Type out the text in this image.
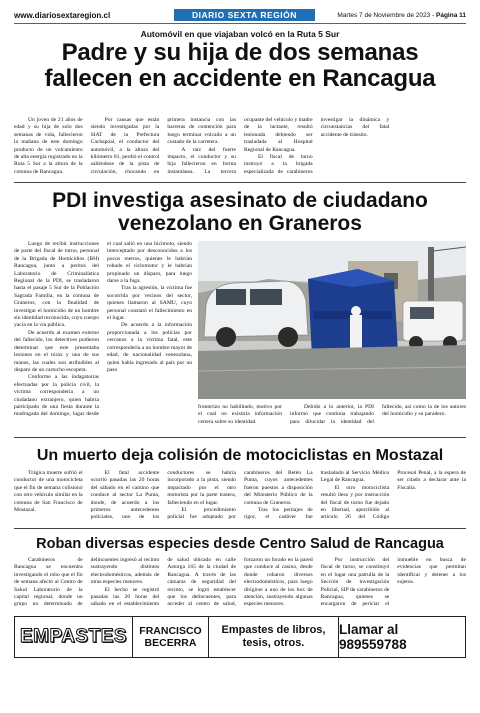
www.diariosextaregion.cl	DIARIO SEXTA REGIÓN	Martes 7 de Noviembre de 2023 - Página 11
Automóvil en que viajaban volcó en la Ruta 5 Sur
Padre y su hija de dos semanas
fallecen en accidente en Rancagua

Un joven de 21 años de edad y su hija de solo dos semanas de vida, fallecieron la mañana de este domingo producto de un volcamiento de alta energía registrado en la Ruta 5 Sur a la altura de la comuna de Rancagua.

Por causas que están siendo investigadas por la SIAT de la Prefectura Cachapoal, el conductor del automóvil, a la altura del kilómetro 81, perdió el control saliéndose de la pista de circulación, chocando en primera instancia con las barreras de contención para luego terminar volcado a un costado de la carretera.

A raíz del fuerte impacto, el conductor y su hija fallecieron en forma instantánea. La tercera ocupante del vehículo y madre de la lactante, resultó lesionada debiendo ser trasladada al Hospital Regional de Rancagua.

El fiscal de turno instruyó a la brigada especializada de carabineros investigar la dinámica y circunstancias del fatal accidente de tránsito.

PDI investiga asesinato de ciudadano
venezolano en Graneros

Luego de recibir instrucciones de parte del fiscal de turno, personal de la Brigada de Homicidios (BH) Rancagua, junto a peritos del Laboratorio de Criminalística Regional de la PDI, se trasladaron hasta el pasaje 5 Sur de la Población Sagrada Familia, en la comuna de Graneros, con la finalidad de investigar el homicidio de un hombre sin identidad reconocida, cuyo cuerpo yacía en la vía pública.

De acuerdo al examen externo del fallecido, los detectives pudieron determinar que este presentaba lesiones en el tórax y una de sus manos, las cuales son atribuibles al disparo de un cartucho escopeta.

Conforme a las indagatorias efectuadas por la policía civil, la víctima correspondería a un ciudadano extranjero, quien habría participado de una fiesta durante la madrugada del domingo, lugar desde el cual salió en una bicimoto, siendo interceptado por desconocidos a los pocos metros, quienes le habrían robado el ciclomotor y le habrían propinado un disparo, para luego darse a la fuga.

Tras la agresión, la víctima fue socorrida por vecinos del sector, quienes llamaron al SAMU, cuyo personal constató el fallecimiento en el lugar.

De acuerdo a la información proporcionada a los policías por cercanos a la víctima fatal, este correspondería a un hombre mayor de edad, de nacionalidad venezolana, quien había ingresado al país por un paso

fronterizo no habilitado, motivo por el cual no existiría información certera sobre su identidad.

Debido a lo anterior, la PDI informó que continúa trabajando para dilucidar la identidad del fallecido, así como la de los autores del homicidio y su paradero.

Un muerto deja colisión de motociclistas en Mostazal

Trágica muerte sufrió el conductor de una motocicleta que el fin de semana colisionó con otro vehículo similar en la comuna de San Francisco de Mostazal.

El fatal accidente ocurrió pasadas las 20 horas del sábado en el camino que conduce al sector La Punta, donde, de acuerdo a los primeros antecedentes policiales, uno de los conductores se habría incorporado a la pista, siendo impactado por el otro motorista por la parte trasera, falleciendo en el lugar.

El procedimiento policial fue adoptado por carabineros del Retén La Punta, cuyos antecedentes fueron puestos a disposición del Ministerio Público de la comuna de Graneros.

Tras los peritajes de rigor, el cadáver fue trasladado al Servicio Médico Legal de Rancagua.

El otro motociclista resultó ileso y por instrucción del fiscal de turno fue dejado en libertad, apercibido al artículo 26 del Código Procesal Penal, a la espera de ser citado a declarar ante la Fiscalía.

Roban diversas especies desde Centro Salud de Rancagua

Carabineros de Rancagua se encuentra investigando el robo que el fin de semana afectó al Centro de Salud Laboratorio de la capital regional, donde un grupo no determinado de delincuentes ingresó al recinto sustrayendo distintos electrodomésticos, además de otras especies menores.

El hecho se registró pasadas las 20 horas del sábado en el establecimiento de salud ubicado en calle Astorga 165 de la ciudad de Rancagua. A través de las cámaras de seguridad del recinto, se logró establecer que los delincuentes, para acceder al centro de salud, forzaron un forado en la pared que conduce al casino, desde donde robaron diversos electrodomésticos, para luego dirigirse a uno de los box de atención, sustrayendo algunas especies menores.

Por instrucción del fiscal de turno, se constituyó en el lugar una patrulla de la Sección de investigación Policial, SIP de carabineros de Rancagua, quienes se encargaron de periciar el inmueble en busca de evidencias que permitan identificar y detener a los sujetos.

EMPASTES FRANCISCO
BECERRA
Empastes de libros,
tesis, otros.
Llamar al 989559788
